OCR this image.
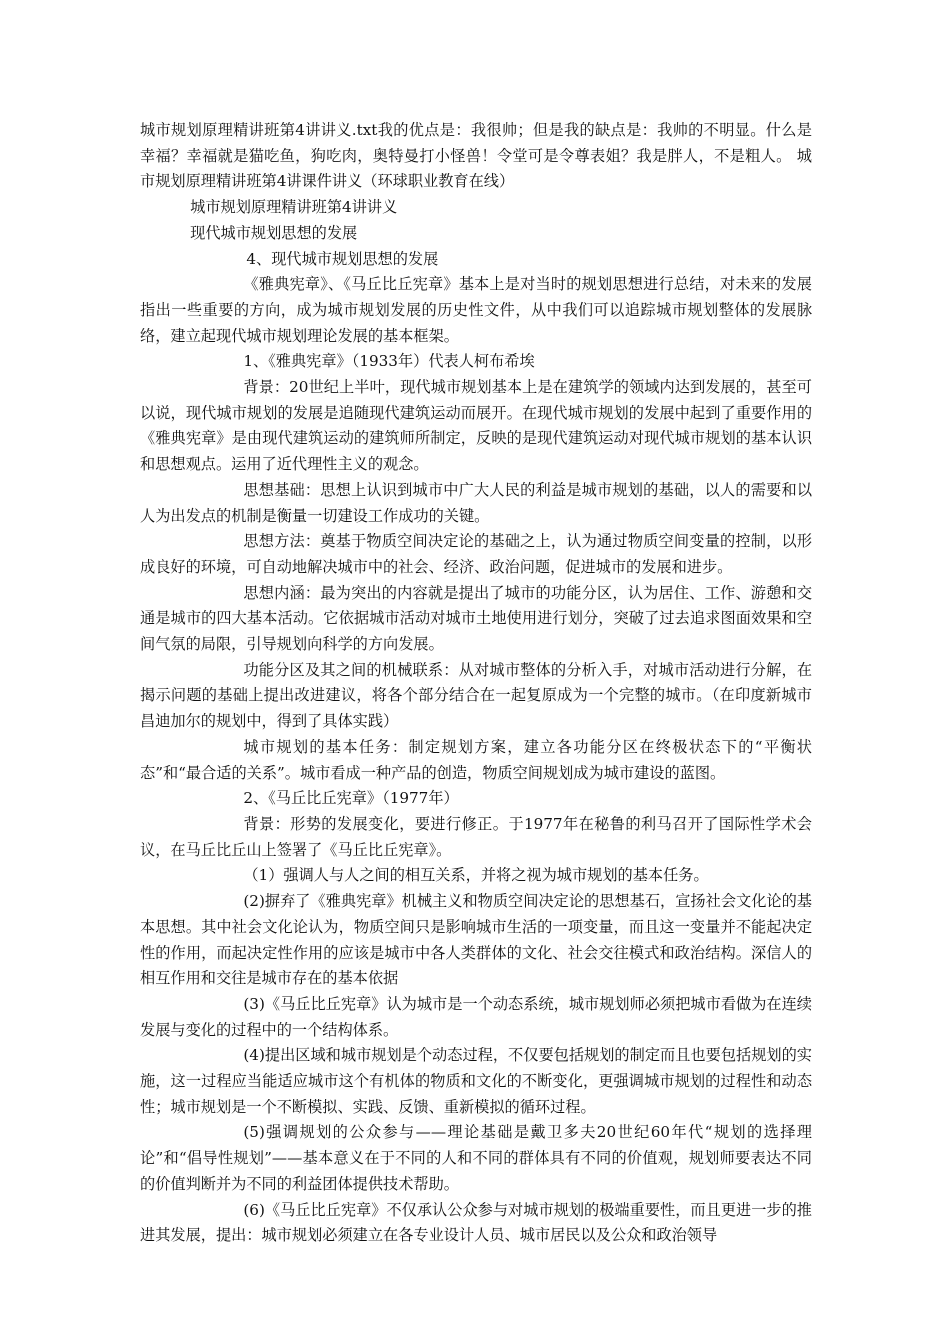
城市规划原理精讲班第4讲讲义.txt我的优点是：我很帅；但是我的缺点是：我帅的不明显。什么是幸福？幸福就是猫吃鱼，狗吃肉，奥特曼打小怪兽！令堂可是令尊表姐？我是胖人，不是粗人。 城市规划原理精讲班第4讲课件讲义（环球职业教育在线）

城市规划原理精讲班第4讲讲义

现代城市规划思想的发展

4、现代城市规划思想的发展

《雅典宪章》、《马丘比丘宪章》基本上是对当时的规划思想进行总结，对未来的发展指出一些重要的方向，成为城市规划发展的历史性文件，从中我们可以追踪城市规划整体的发展脉络，建立起现代城市规划理论发展的基本框架。

1、《雅典宪章》（1933年）代表人柯布希埃

背景：20世纪上半叶，现代城市规划基本上是在建筑学的领域内达到发展的，甚至可以说，现代城市规划的发展是追随现代建筑运动而展开。在现代城市规划的发展中起到了重要作用的《雅典宪章》是由现代建筑运动的建筑师所制定，反映的是现代建筑运动对现代城市规划的基本认识和思想观点。运用了近代理性主义的观念。

思想基础：思想上认识到城市中广大人民的利益是城市规划的基础，以人的需要和以人为出发点的机制是衡量一切建设工作成功的关键。

思想方法：奠基于物质空间决定论的基础之上，认为通过物质空间变量的控制，以形成良好的环境，可自动地解决城市中的社会、经济、政治问题，促进城市的发展和进步。

思想内涵：最为突出的内容就是提出了城市的功能分区，认为居住、工作、游憩和交通是城市的四大基本活动。它依据城市活动对城市土地使用进行划分，突破了过去追求图面效果和空间气氛的局限，引导规划向科学的方向发展。

功能分区及其之间的机械联系：从对城市整体的分析入手，对城市活动进行分解，在揭示问题的基础上提出改进建议，将各个部分结合在一起复原成为一个完整的城市。（在印度新城市昌迪加尔的规划中，得到了具体实践）

城市规划的基本任务：制定规划方案，建立各功能分区在终极状态下的“平衡状态”和“最合适的关系”。城市看成一种产品的创造，物质空间规划成为城市建设的蓝图。

2、《马丘比丘宪章》（1977年）

背景：形势的发展变化，要进行修正。于1977年在秘鲁的利马召开了国际性学术会议，在马丘比丘山上签署了《马丘比丘宪章》。

（1）强调人与人之间的相互关系，并将之视为城市规划的基本任务。

(2)摒弃了《雅典宪章》机械主义和物质空间决定论的思想基石，宣扬社会文化论的基本思想。其中社会文化论认为，物质空间只是影响城市生活的一项变量，而且这一变量并不能起决定性的作用，而起决定性作用的应该是城市中各人类群体的文化、社会交往模式和政治结构。深信人的相互作用和交往是城市存在的基本依据

(3)《马丘比丘宪章》认为城市是一个动态系统，城市规划师必须把城市看做为在连续发展与变化的过程中的一个结构体系。

(4)提出区域和城市规划是个动态过程，不仅要包括规划的制定而且也要包括规划的实施，这一过程应当能适应城市这个有机体的物质和文化的不断变化，更强调城市规划的过程性和动态性；城市规划是一个不断模拟、实践、反馈、重新模拟的循环过程。

(5)强调规划的公众参与——理论基础是戴卫多夫20世纪60年代“规划的选择理论”和“倡导性规划”——基本意义在于不同的人和不同的群体具有不同的价值观，规划师要表达不同的价值判断并为不同的利益团体提供技术帮助。

(6)《马丘比丘宪章》不仅承认公众参与对城市规划的极端重要性，而且更进一步的推进其发展，提出：城市规划必须建立在各专业设计人员、城市居民以及公众和政治领导
